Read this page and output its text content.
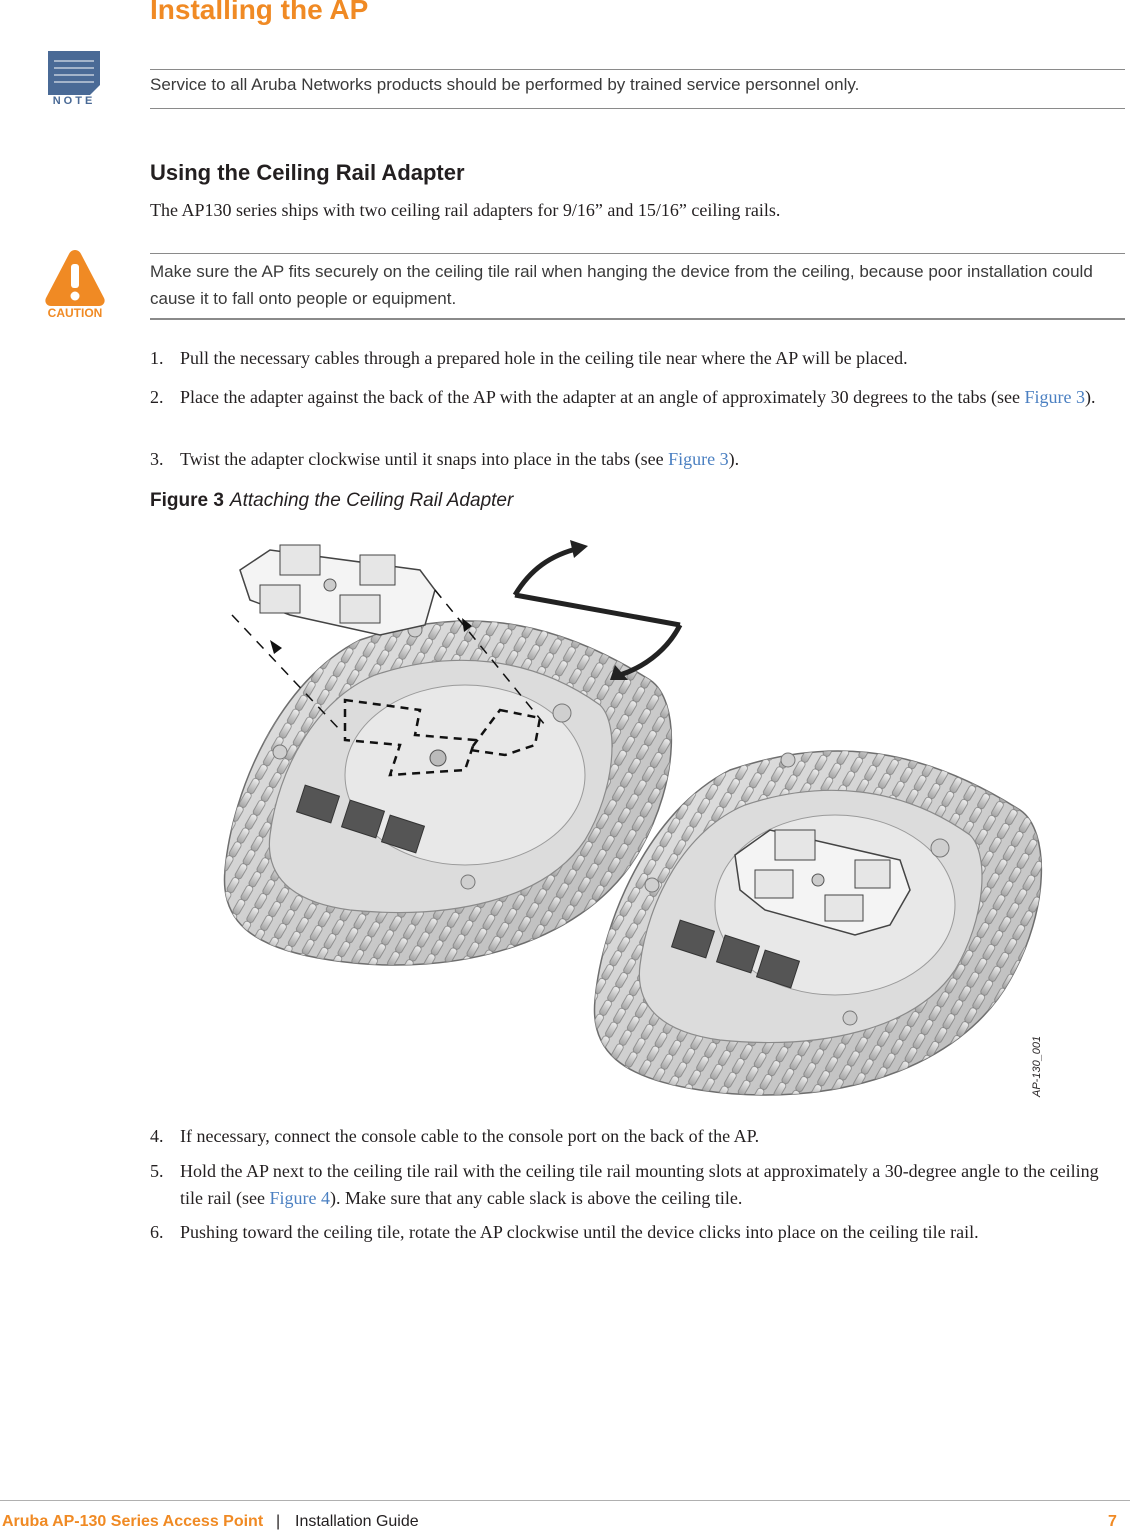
Installing the AP
NOTE
Service to all Aruba Networks products should be performed by trained service personnel only.
Using the Ceiling Rail Adapter
The AP130 series ships with two ceiling rail adapters for 9/16” and 15/16” ceiling rails.
CAUTION
Make sure the AP fits securely on the ceiling tile rail when hanging the device from the ceiling, because poor installation could cause it to fall onto people or equipment.
1. Pull the necessary cables through a prepared hole in the ceiling tile near where the AP will be placed.
2. Place the adapter against the back of the AP with the adapter at an angle of approximately 30 degrees to the tabs (see Figure 3).
3. Twist the adapter clockwise until it snaps into place in the tabs (see Figure 3).
Figure 3 Attaching the Ceiling Rail Adapter
AP-130_001
4. If necessary, connect the console cable to the console port on the back of the AP.
5. Hold the AP next to the ceiling tile rail with the ceiling tile rail mounting slots at approximately a 30-degree angle to the ceiling tile rail (see Figure 4). Make sure that any cable slack is above the ceiling tile.
6. Pushing toward the ceiling tile, rotate the AP clockwise until the device clicks into place on the ceiling tile rail.
Aruba AP-130 Series Access Point | Installation Guide	7
